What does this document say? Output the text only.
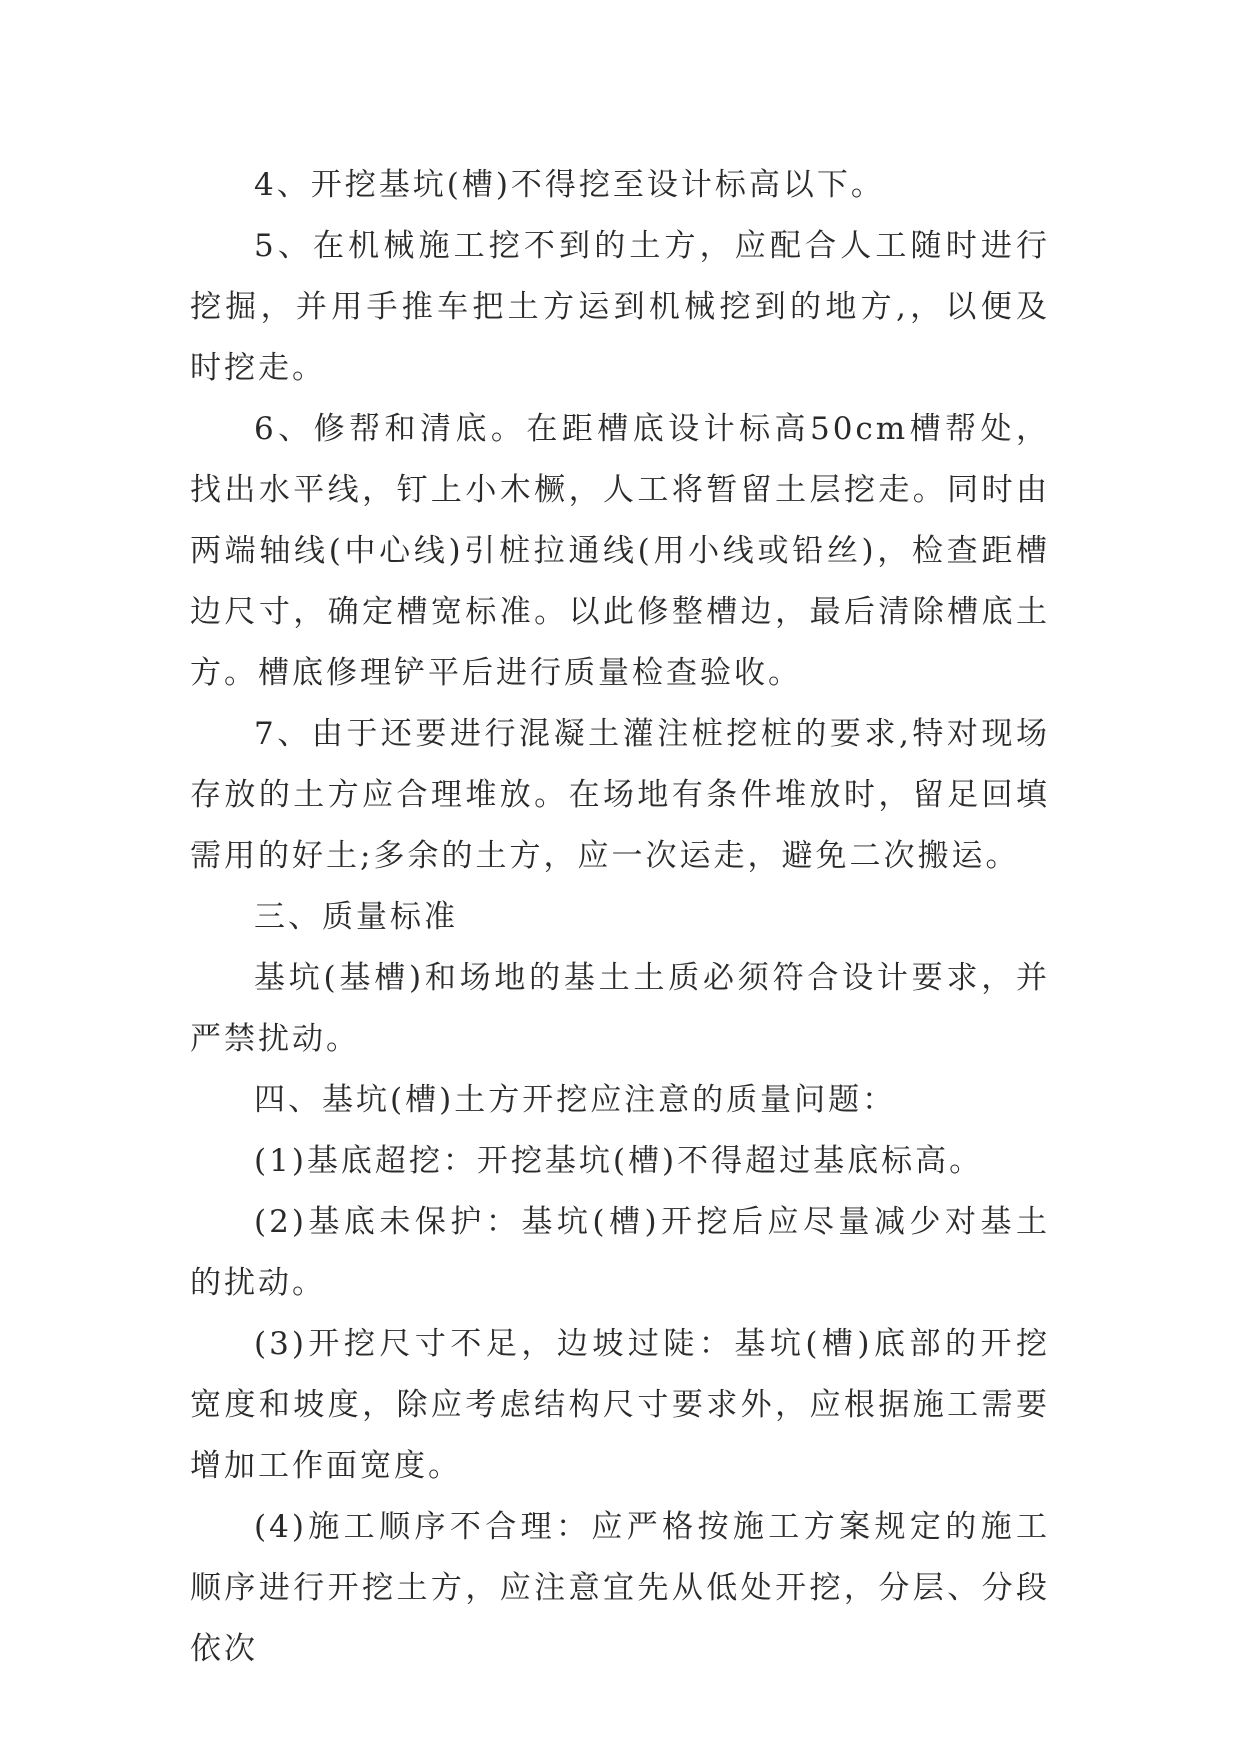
4、开挖基坑(槽)不得挖至设计标高以下。

5、在机械施工挖不到的土方，应配合人工随时进行挖掘，并用手推车把土方运到机械挖到的地方,，以便及时挖走。

6、修帮和清底。在距槽底设计标高50cm槽帮处，找出水平线，钉上小木橛，人工将暂留土层挖走。同时由两端轴线(中心线)引桩拉通线(用小线或铅丝)，检查距槽边尺寸，确定槽宽标准。以此修整槽边，最后清除槽底土方。槽底修理铲平后进行质量检查验收。

7、由于还要进行混凝土灌注桩挖桩的要求,特对现场存放的土方应合理堆放。在场地有条件堆放时，留足回填需用的好土;多余的土方，应一次运走，避免二次搬运。

三、质量标准

基坑(基槽)和场地的基土土质必须符合设计要求，并严禁扰动。

四、基坑(槽)土方开挖应注意的质量问题：

(1)基底超挖：开挖基坑(槽)不得超过基底标高。

(2)基底未保护：基坑(槽)开挖后应尽量减少对基土的扰动。

(3)开挖尺寸不足，边坡过陡：基坑(槽)底部的开挖宽度和坡度，除应考虑结构尺寸要求外，应根据施工需要增加工作面宽度。

(4)施工顺序不合理：应严格按施工方案规定的施工顺序进行开挖土方，应注意宜先从低处开挖，分层、分段依次
